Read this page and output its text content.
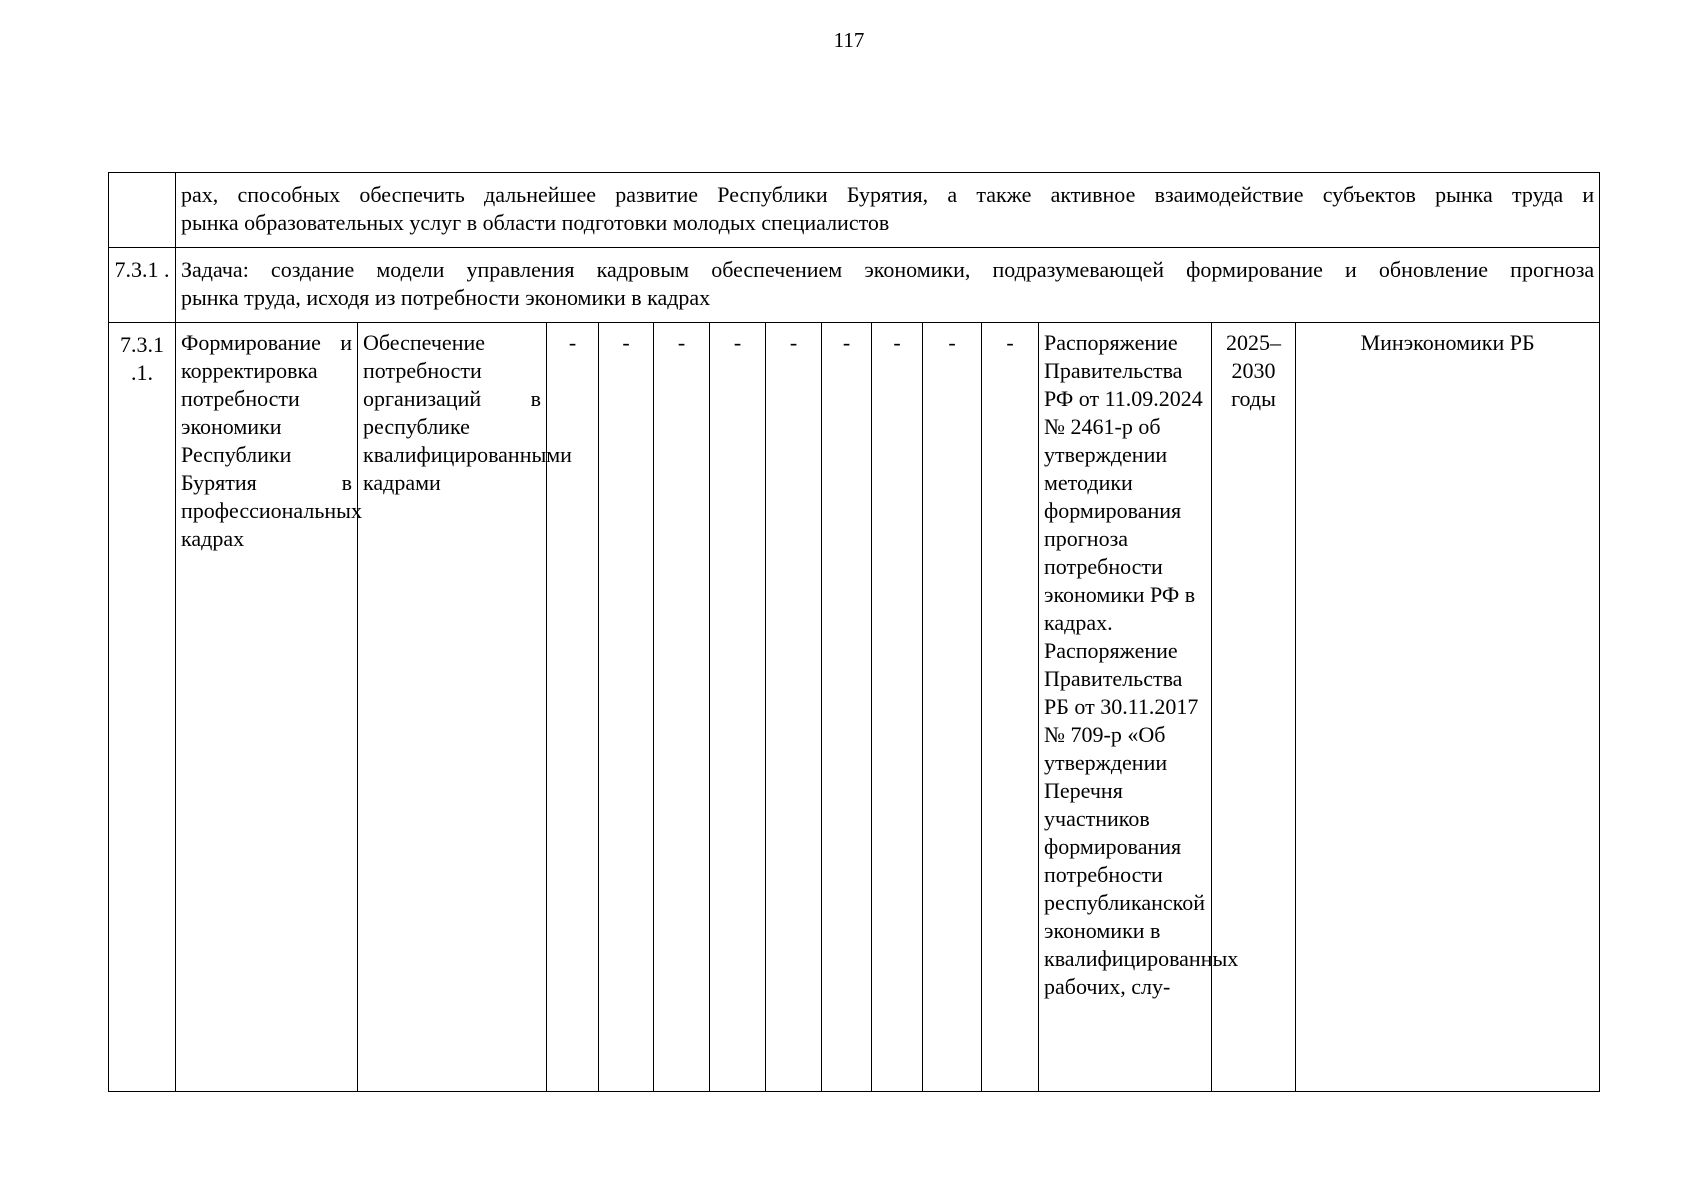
117

	рах, способных обеспечить дальнейшее развитие Республики Бурятия, а также активное взаимодействие субъектов рынка труда и
рынка образовательных услуг в области подготовки молодых специалистов													

7.3.1 .	Задача: создание модели управления кадровым обеспечением экономики, подразумевающей формирование и обновление прогноза
рынка труда, исходя из потребности экономики в кадрах													

7.3.1 .1.	Формирование и корректировка потребности экономики Республики Бурятия в профессиональных кадрах	Обеспечение потребности организаций в республике квалифицированными кадрами	-	-	-	-	-	-	-	-	-	Распоряжение Правительства РФ от 11.09.2024 № 2461-р об утверждении методики формирования прогноза потребности экономики РФ в кадрах. Распоряжение Правительства РБ от 30.11.2017 № 709-р «Об утверждении Перечня участников формирования потребности республиканской экономики в квалифицированных рабочих, слу-	2025– 2030 годы	Минэкономики РБ
